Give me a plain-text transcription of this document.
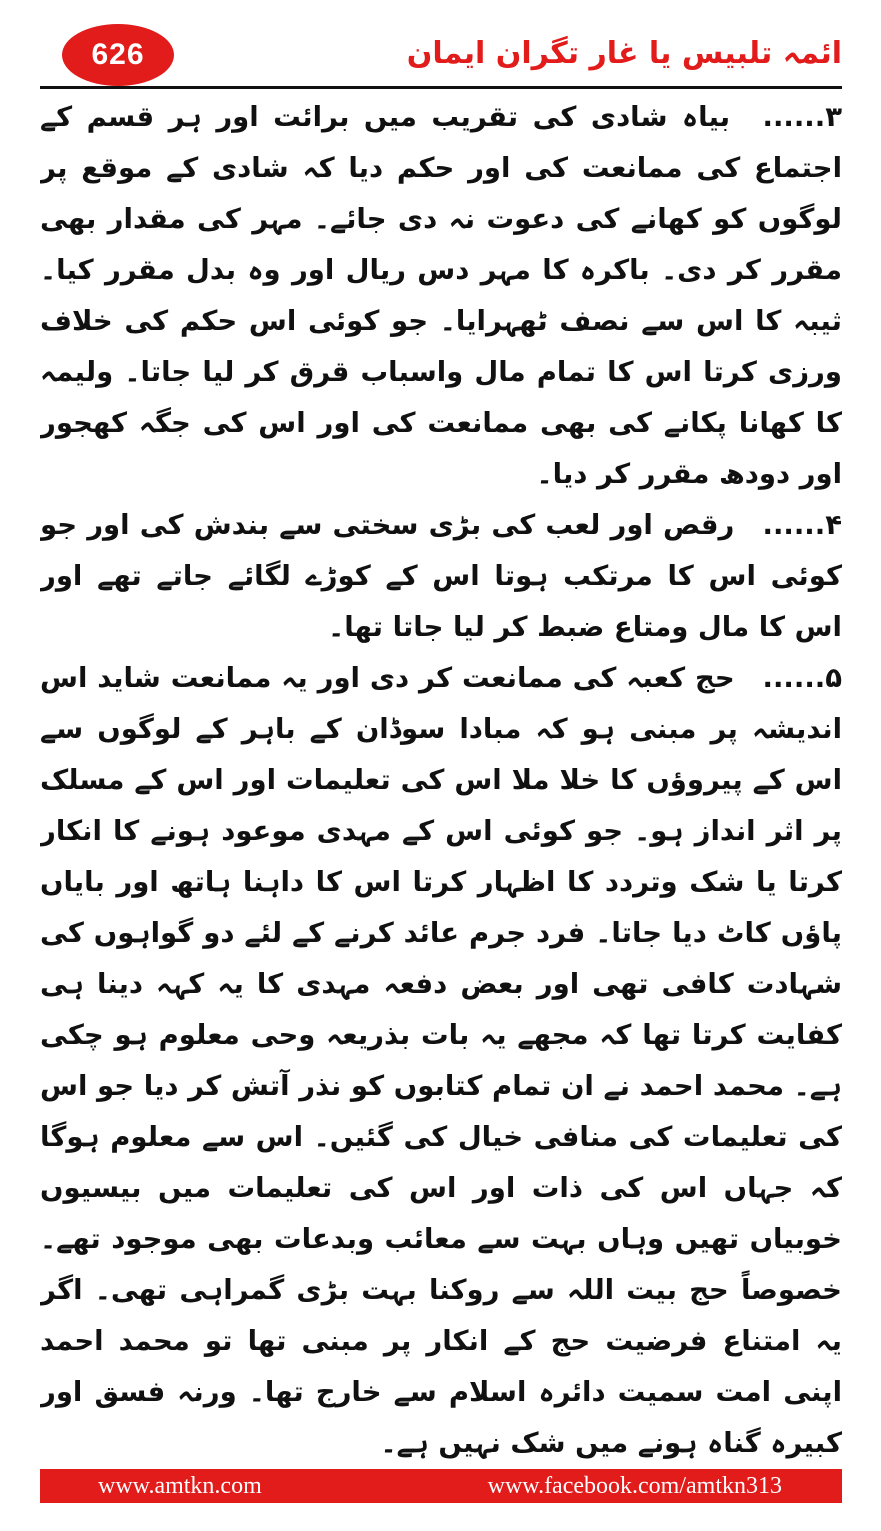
626	ائمہ تلبیس یا غار تگران ایمان

۳...... بیاہ شادی کی تقریب میں برائت اور ہر قسم کے اجتماع کی ممانعت کی اور حکم دیا کہ شادی کے موقع پر لوگوں کو کھانے کی دعوت نہ دی جائے۔ مہر کی مقدار بھی مقرر کر دی۔ باکرہ کا مہر دس ریال اور وہ بدل مقرر کیا۔ ثیبہ کا اس سے نصف ٹھہرایا۔ جو کوئی اس حکم کی خلاف ورزی کرتا اس کا تمام مال واسباب قرق کر لیا جاتا۔ ولیمہ کا کھانا پکانے کی بھی ممانعت کی اور اس کی جگہ کھجور اور دودھ مقرر کر دیا۔

۴...... رقص اور لعب کی بڑی سختی سے بندش کی اور جو کوئی اس کا مرتکب ہوتا اس کے کوڑے لگائے جاتے تھے اور اس کا مال ومتاع ضبط کر لیا جاتا تھا۔

۵...... حج کعبہ کی ممانعت کر دی اور یہ ممانعت شاید اس اندیشہ پر مبنی ہو کہ مبادا سوڈان کے باہر کے لوگوں سے اس کے پیروؤں کا خلا ملا اس کی تعلیمات اور اس کے مسلک پر اثر انداز ہو۔ جو کوئی اس کے مہدی موعود ہونے کا انکار کرتا یا شک وتردد کا اظہار کرتا اس کا داہنا ہاتھ اور بایاں پاؤں کاٹ دیا جاتا۔ فرد جرم عائد کرنے کے لئے دو گواہوں کی شہادت کافی تھی اور بعض دفعہ مہدی کا یہ کہہ دینا ہی کفایت کرتا تھا کہ مجھے یہ بات بذریعہ وحی معلوم ہو چکی ہے۔ محمد احمد نے ان تمام کتابوں کو نذر آتش کر دیا جو اس کی تعلیمات کی منافی خیال کی گئیں۔ اس سے معلوم ہوگا کہ جہاں اس کی ذات اور اس کی تعلیمات میں بیسیوں خوبیاں تھیں وہاں بہت سے معائب وبدعات بھی موجود تھے۔ خصوصاً حج بیت اللہ سے روکنا بہت بڑی گمراہی تھی۔ اگر یہ امتناع فرضیت حج کے انکار پر مبنی تھا تو محمد احمد اپنی امت سمیت دائرہ اسلام سے خارج تھا۔ ورنہ فسق اور کبیرہ گناہ ہونے میں شک نہیں ہے۔

www.amtkn.com	www.facebook.com/amtkn313
